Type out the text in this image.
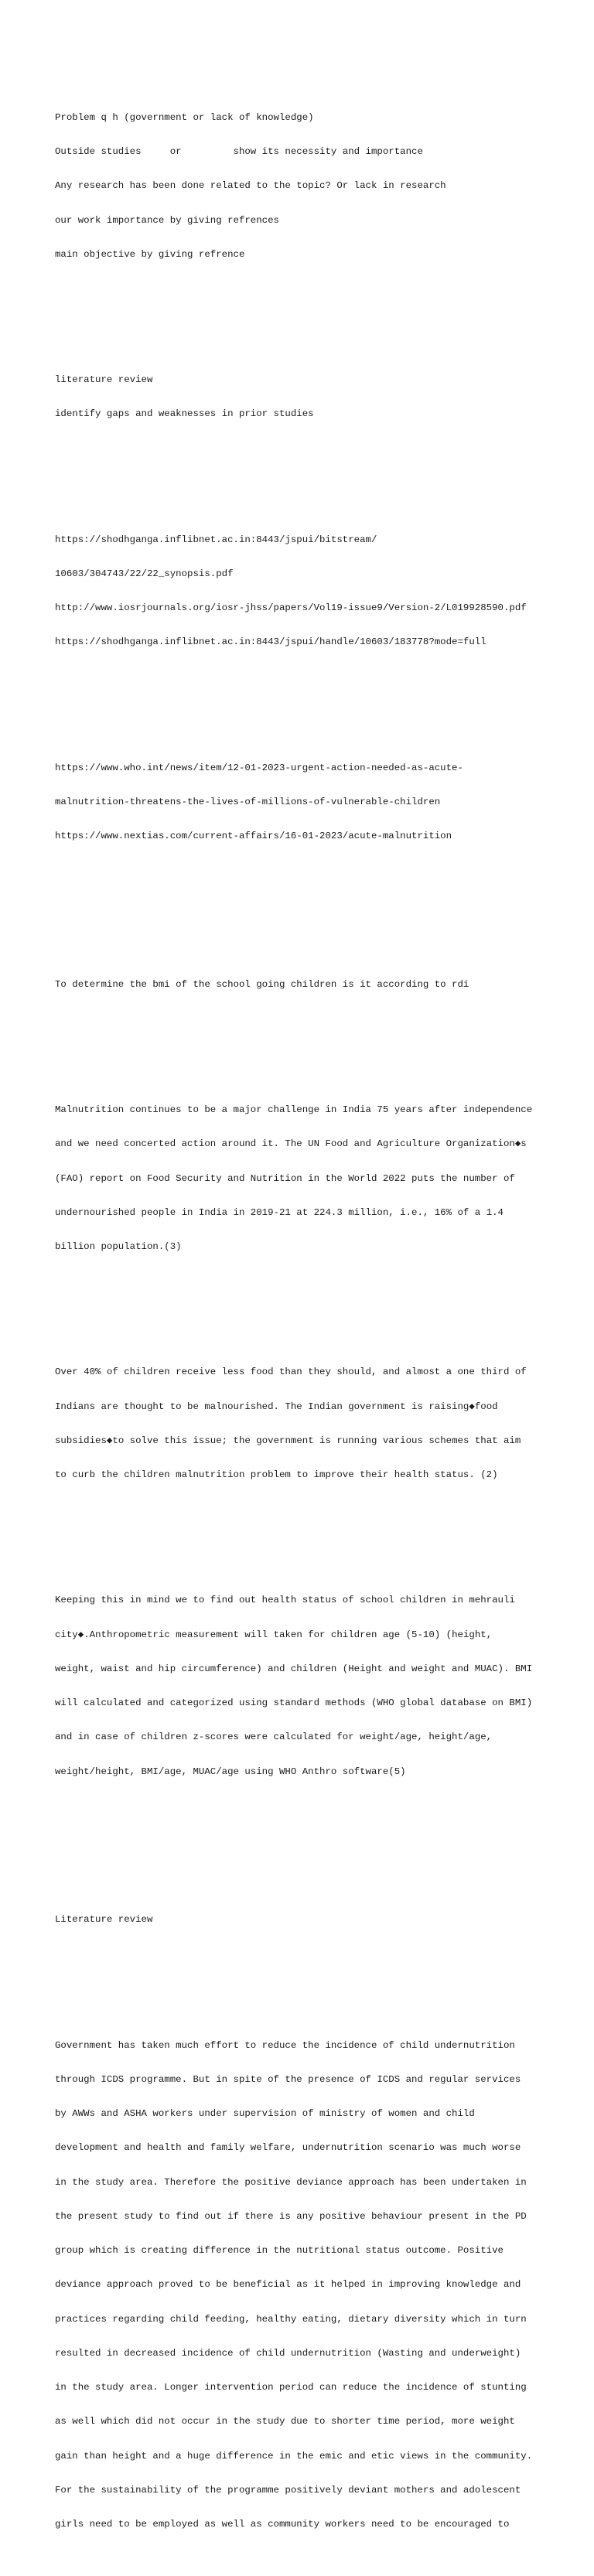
Problem q h (government or lack of knowledge)

Outside studies     or         show its necessity and importance

Any research has been done related to the topic? Or lack in research

our work importance by giving refrences

main objective by giving refrence

literature review

identify gaps and weaknesses in prior studies

https://shodhganga.inflibnet.ac.in:8443/jspui/bitstream/

10603/304743/22/22_synopsis.pdf

http://www.iosrjournals.org/iosr-jhss/papers/Vol19-issue9/Version-2/L019928590.pdf

https://shodhganga.inflibnet.ac.in:8443/jspui/handle/10603/183778?mode=full

https://www.who.int/news/item/12-01-2023-urgent-action-needed-as-acute-

malnutrition-threatens-the-lives-of-millions-of-vulnerable-children

https://www.nextias.com/current-affairs/16-01-2023/acute-malnutrition

To determine the bmi of the school going children is it according to rdi

Malnutrition continues to be a major challenge in India 75 years after independence

and we need concerted action around it. The UN Food and Agriculture Organization◆s

(FAO) report on Food Security and Nutrition in the World 2022 puts the number of

undernourished people in India in 2019-21 at 224.3 million, i.e., 16% of a 1.4

billion population.(3)

Over 40% of children receive less food than they should, and almost a one third of

Indians are thought to be malnourished. The Indian government is raising◆food

subsidies◆to solve this issue; the government is running various schemes that aim

to curb the children malnutrition problem to improve their health status. (2)

Keeping this in mind we to find out health status of school children in mehrauli

city◆.Anthropometric measurement will taken for children age (5-10) (height,

weight, waist and hip circumference) and children (Height and weight and MUAC). BMI

will calculated and categorized using standard methods (WHO global database on BMI)

and in case of children z-scores were calculated for weight/age, height/age,

weight/height, BMI/age, MUAC/age using WHO Anthro software(5)

Literature review

Government has taken much effort to reduce the incidence of child undernutrition

through ICDS programme. But in spite of the presence of ICDS and regular services

by AWWs and ASHA workers under supervision of ministry of women and child

development and health and family welfare, undernutrition scenario was much worse

in the study area. Therefore the positive deviance approach has been undertaken in

the present study to find out if there is any positive behaviour present in the PD

group which is creating difference in the nutritional status outcome. Positive

deviance approach proved to be beneficial as it helped in improving knowledge and

practices regarding child feeding, healthy eating, dietary diversity which in turn

resulted in decreased incidence of child undernutrition (Wasting and underweight)

in the study area. Longer intervention period can reduce the incidence of stunting

as well which did not occur in the study due to shorter time period, more weight

gain than height and a huge difference in the emic and etic views in the community.

For the sustainability of the programme positively deviant mothers and adolescent

girls need to be employed as well as community workers need to be encouraged to
